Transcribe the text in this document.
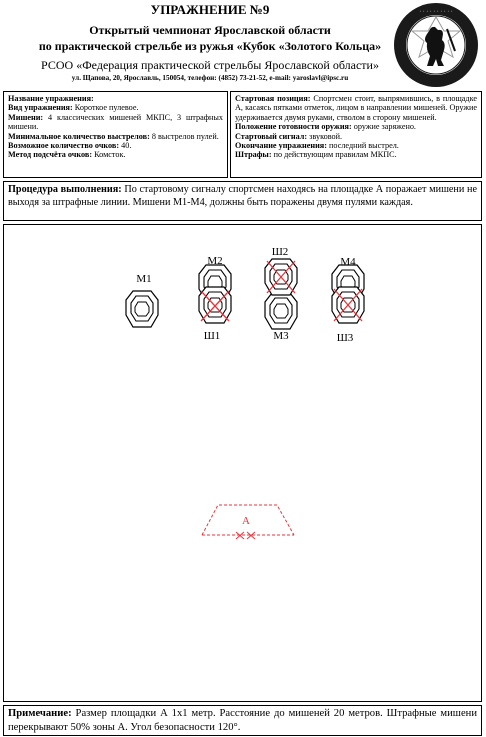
УПРАЖНЕНИЕ №9
Открытый чемпионат Ярославской области
по практической стрельбе из ружья «Кубок «Золотого Кольца»
РСОО «Федерация практической стрельбы Ярославской области»
ул. Щапова, 20, Ярославль, 150054, телефон: (4852) 73-21-52, e-mail: yaroslavl@ipsc.ru
· · · · · · · · · ·

Название упражнения:

Вид упражнения: Короткое пулевое.

Мишени: 4 классических мишеней МКПС, 3 штрафных мишени.

Минимальное количество выстрелов: 8 выстрелов пулей.

Возможное количество очков: 40.

Метод подсчёта очков: Комсток.

Стартовая позиция: Спортсмен стоит, выпрямившись, в площадке А, касаясь пятками отметок, лицом в направлении мишеней. Оружие удерживается двумя руками, стволом в сторону мишеней.

Положение готовности оружия: оружие заряжено.

Стартовый сигнал: звуковой.

Окончание упражнения: последний выстрел.

Штрафы: по действующим правилам МКПС.

Процедура выполнения: По стартовому сигналу спортсмен находясь на площадке А поражает мишени не выходя за штрафные линии. Мишени М1-М4, должны быть поражены двумя пулями каждая.
М1
М2
Ш1	М3
Ш2
М4
Ш3
А
Примечание: Размер площадки А 1х1 метр. Расстояние до мишеней 20 метров. Штрафные мишени перекрывают 50% зоны А. Угол безопасности 120°.
